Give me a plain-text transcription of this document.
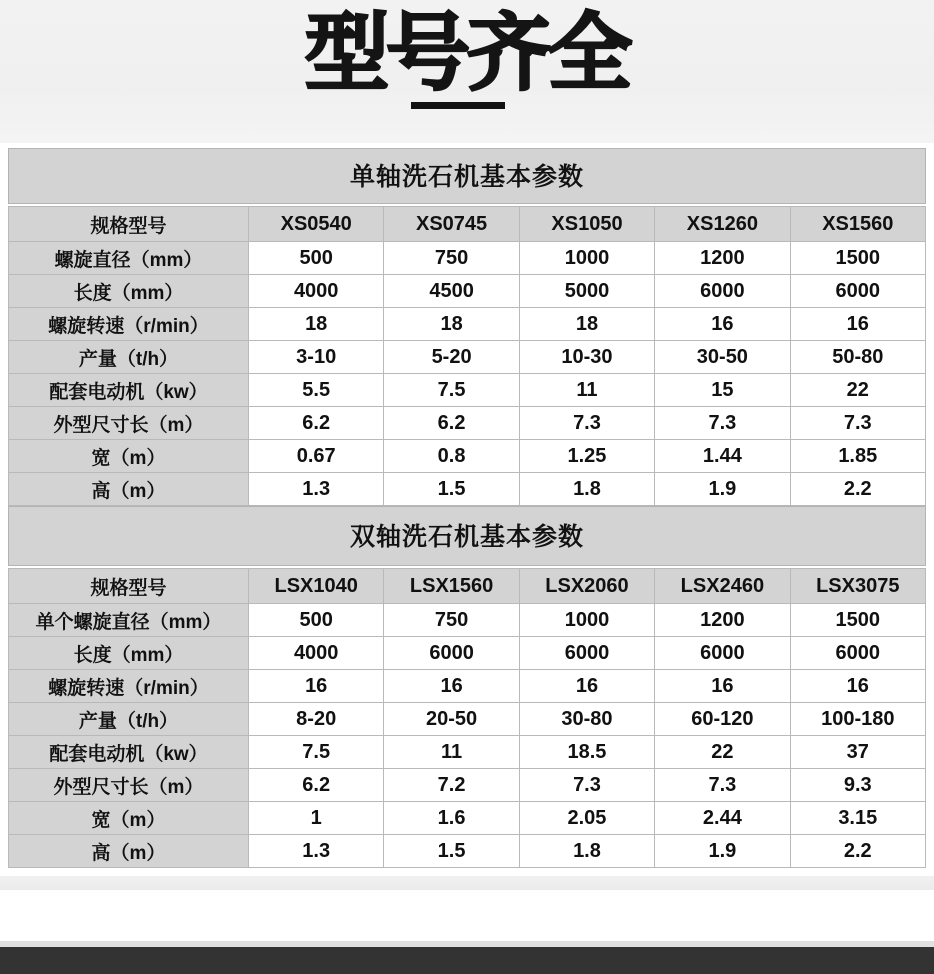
型号齐全
单轴洗石机基本参数
规格型号	XS0540	XS0745	XS1050	XS1260	XS1560
螺旋直径（mm）	500	750	1000	1200	1500
长度（mm）	4000	4500	5000	6000	6000
螺旋转速（r/min）	18	18	18	16	16
产量（t/h）	3-10	5-20	10-30	30-50	50-80
配套电动机（kw）	5.5	7.5	11	15	22
外型尺寸长（m）	6.2	6.2	7.3	7.3	7.3
宽（m）	0.67	0.8	1.25	1.44	1.85
高（m）	1.3	1.5	1.8	1.9	2.2
双轴洗石机基本参数
规格型号	LSX1040	LSX1560	LSX2060	LSX2460	LSX3075
单个螺旋直径（mm）	500	750	1000	1200	1500
长度（mm）	4000	6000	6000	6000	6000
螺旋转速（r/min）	16	16	16	16	16
产量（t/h）	8-20	20-50	30-80	60-120	100-180
配套电动机（kw）	7.5	11	18.5	22	37
外型尺寸长（m）	6.2	7.2	7.3	7.3	9.3
宽（m）	1	1.6	2.05	2.44	3.15
高（m）	1.3	1.5	1.8	1.9	2.2
